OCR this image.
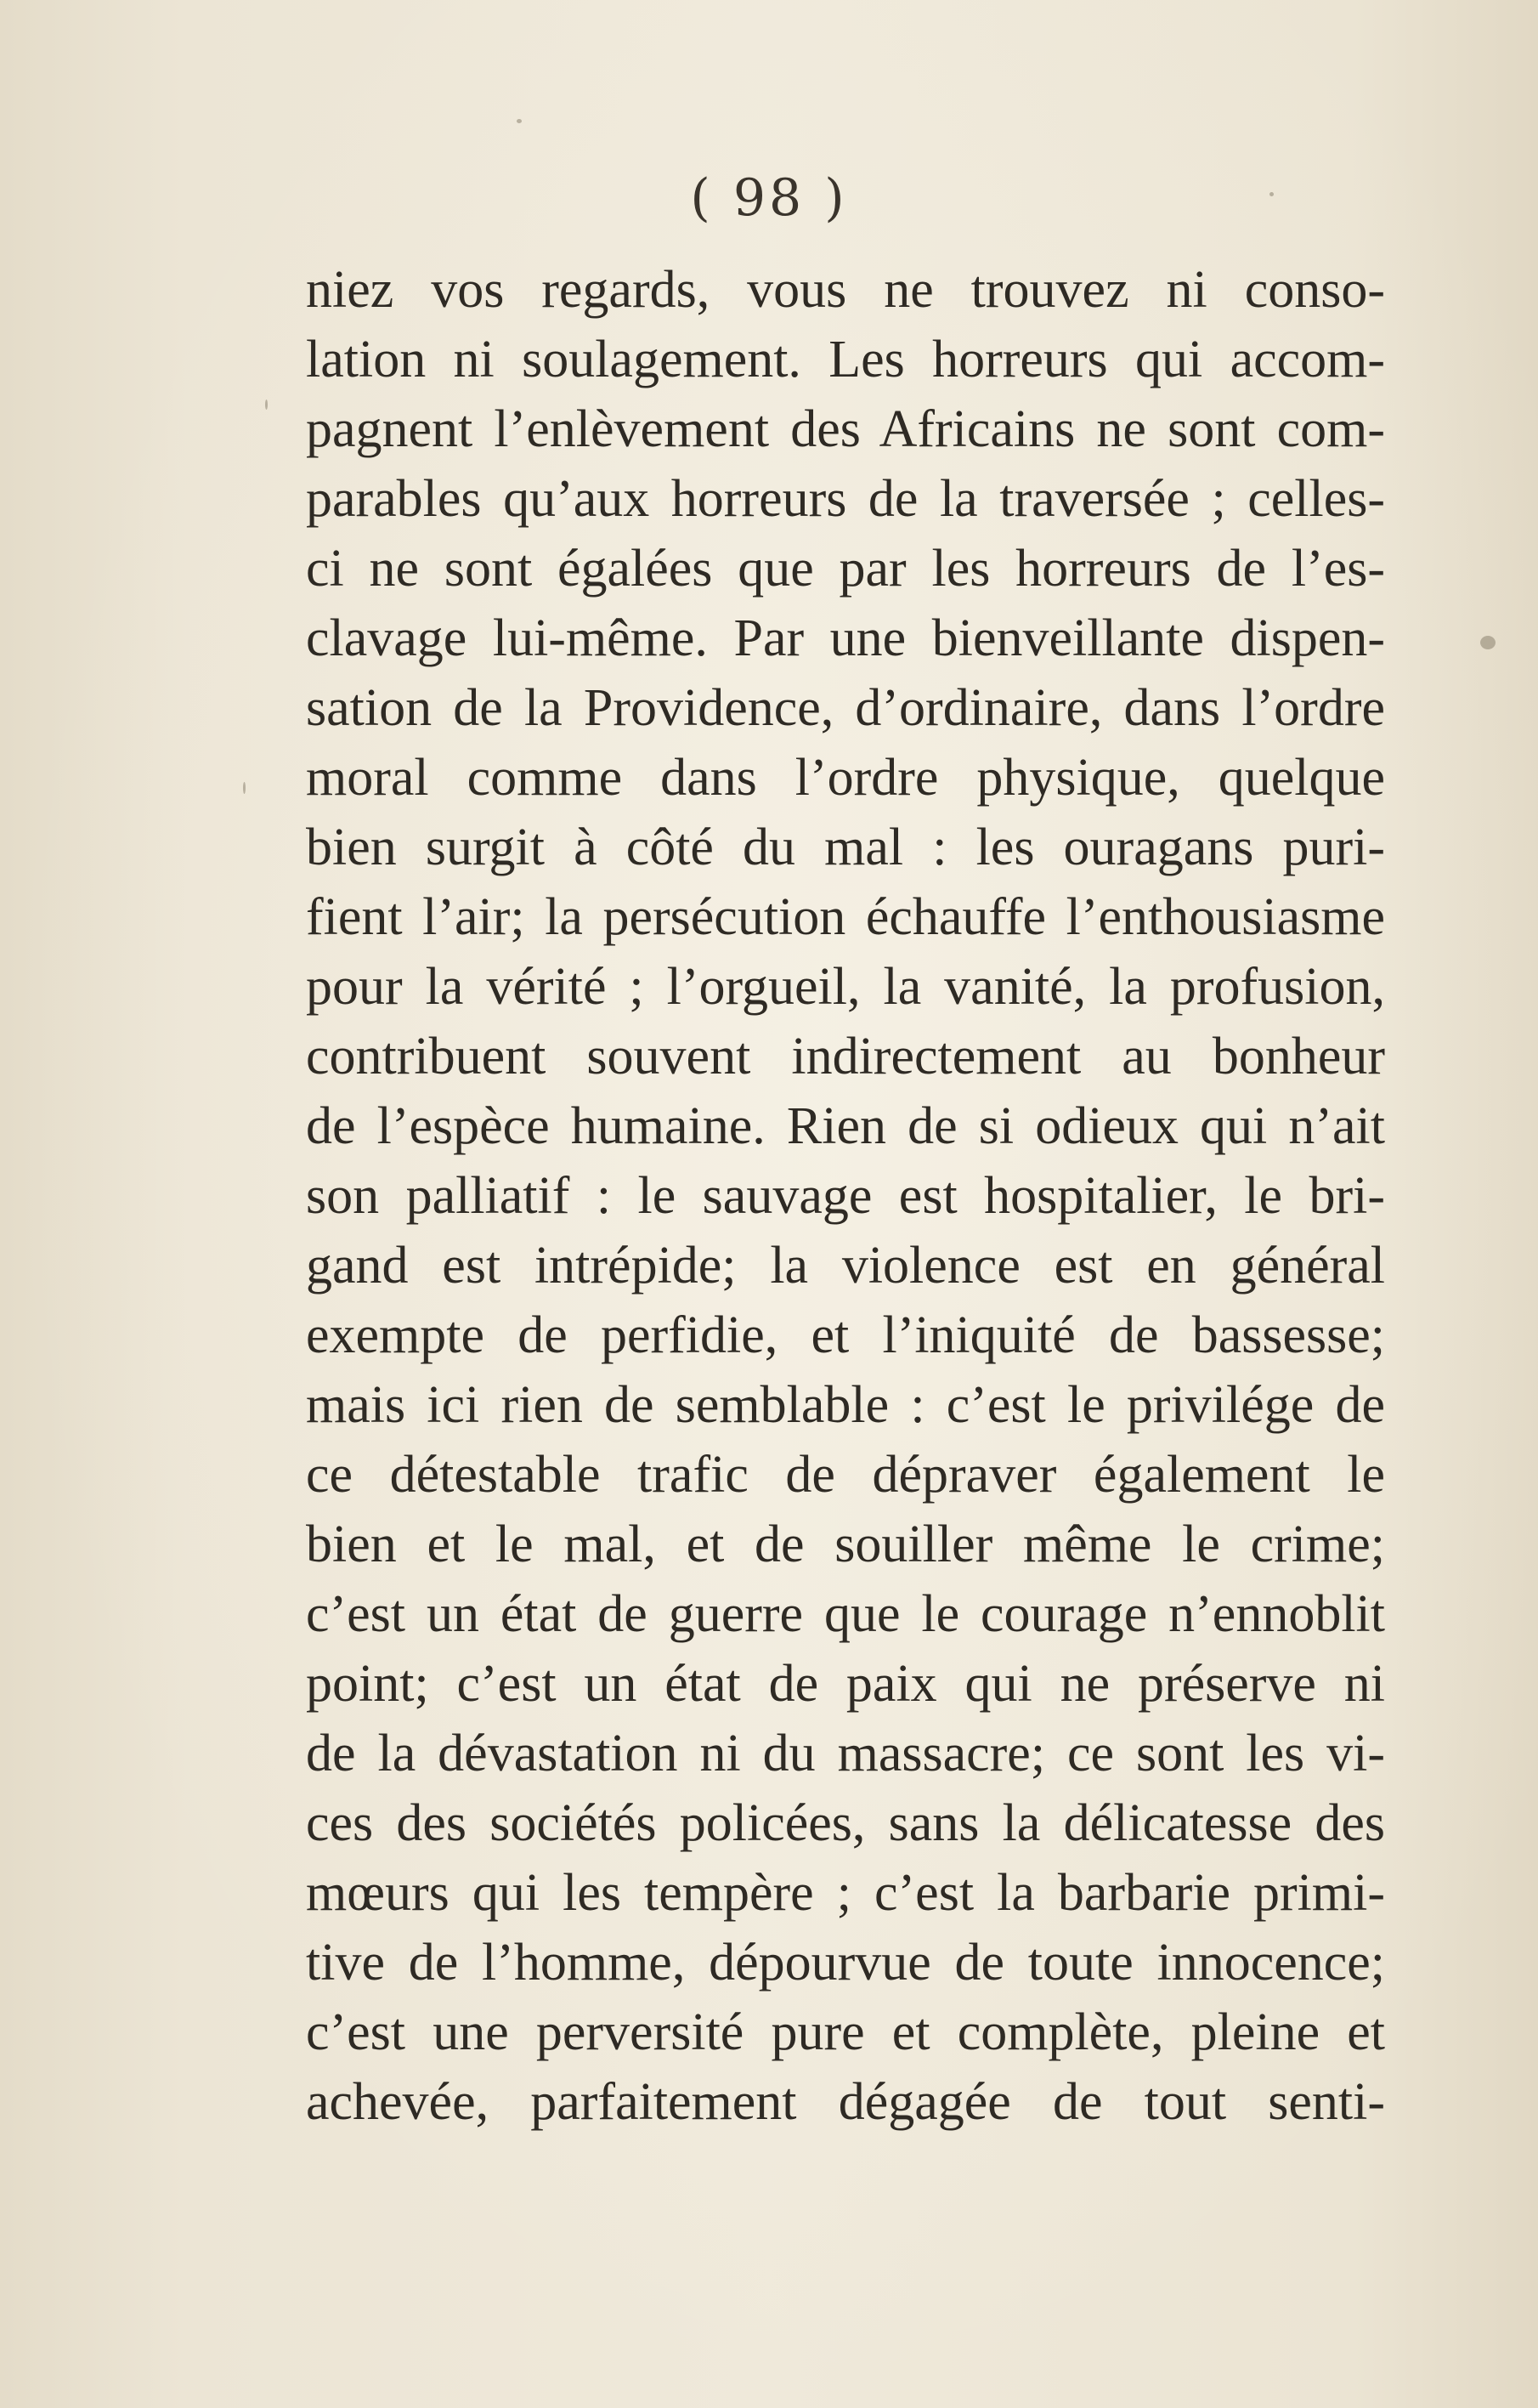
( 98 )
niez vos regards, vous ne trouvez ni conso-
lation ni soulagement. Les horreurs qui accom-
pagnent l’enlèvement des Africains ne sont com-
parables qu’aux horreurs de la traversée ; celles-
ci ne sont égalées que par les horreurs de l’es-
clavage lui-même. Par une bienveillante dispen-
sation de la Providence, d’ordinaire, dans l’ordre
moral comme dans l’ordre physique, quelque
bien surgit à côté du mal : les ouragans puri-
fient l’air; la persécution échauffe l’enthousiasme
pour la vérité ; l’orgueil, la vanité, la profusion,
contribuent souvent indirectement au bonheur
de l’espèce humaine. Rien de si odieux qui n’ait
son palliatif : le sauvage est hospitalier, le bri-
gand est intrépide; la violence est en général
exempte de perfidie, et l’iniquité de bassesse;
mais ici rien de semblable : c’est le privilége de
ce détestable trafic de dépraver également le
bien et le mal, et de souiller même le crime;
c’est un état de guerre que le courage n’ennoblit
point; c’est un état de paix qui ne préserve ni
de la dévastation ni du massacre; ce sont les vi-
ces des sociétés policées, sans la délicatesse des
mœurs qui les tempère ; c’est la barbarie primi-
tive de l’homme, dépourvue de toute innocence;
c’est une perversité pure et complète, pleine et
achevée, parfaitement dégagée de tout senti-
